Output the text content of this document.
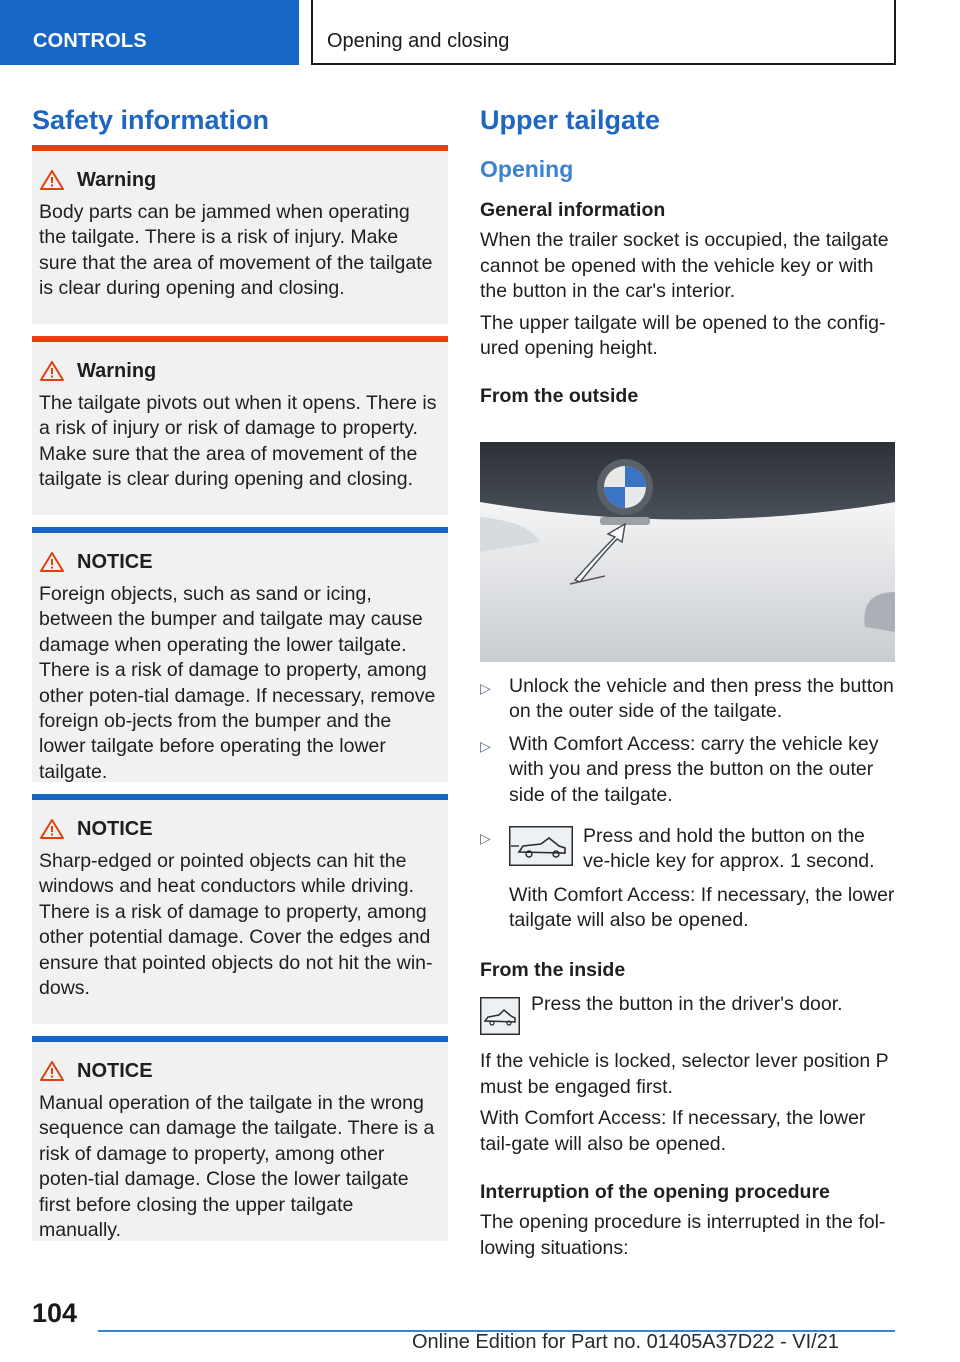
CONTROLS	Opening and closing
Safety information
Warning
Body parts can be jammed when operating the tailgate. There is a risk of injury. Make sure that the area of movement of the tailgate is clear during opening and closing.
Warning
The tailgate pivots out when it opens. There is a risk of injury or risk of damage to property. Make sure that the area of movement of the tailgate is clear during opening and closing.
NOTICE
Foreign objects, such as sand or icing, between the bumper and tailgate may cause damage when operating the lower tailgate. There is a risk of damage to property, among other poten-tial damage. If necessary, remove foreign ob-jects from the bumper and the lower tailgate before operating the lower tailgate.
NOTICE
Sharp-edged or pointed objects can hit the windows and heat conductors while driving. There is a risk of damage to property, among other potential damage. Cover the edges and ensure that pointed objects do not hit the win-dows.
NOTICE
Manual operation of the tailgate in the wrong sequence can damage the tailgate. There is a risk of damage to property, among other poten-tial damage. Close the lower tailgate first before closing the upper tailgate manually.
Upper tailgate
Opening
General information
When the trailer socket is occupied, the tailgate cannot be opened with the vehicle key or with the button in the car's interior.
The upper tailgate will be opened to the config-ured opening height.
From the outside
▷ Unlock the vehicle and then press the button on the outer side of the tailgate.
▷ With Comfort Access: carry the vehicle key with you and press the button on the outer side of the tailgate.
▷	Press and hold the button on the ve-hicle key for approx. 1 second.
With Comfort Access: If necessary, the lower tailgate will also be opened.
From the inside
Press the button in the driver's door.
If the vehicle is locked, selector lever position P must be engaged first.
With Comfort Access: If necessary, the lower tail-gate will also be opened.
Interruption of the opening procedure
The opening procedure is interrupted in the fol-lowing situations:
104
Online Edition for Part no. 01405A37D22 - VI/21
